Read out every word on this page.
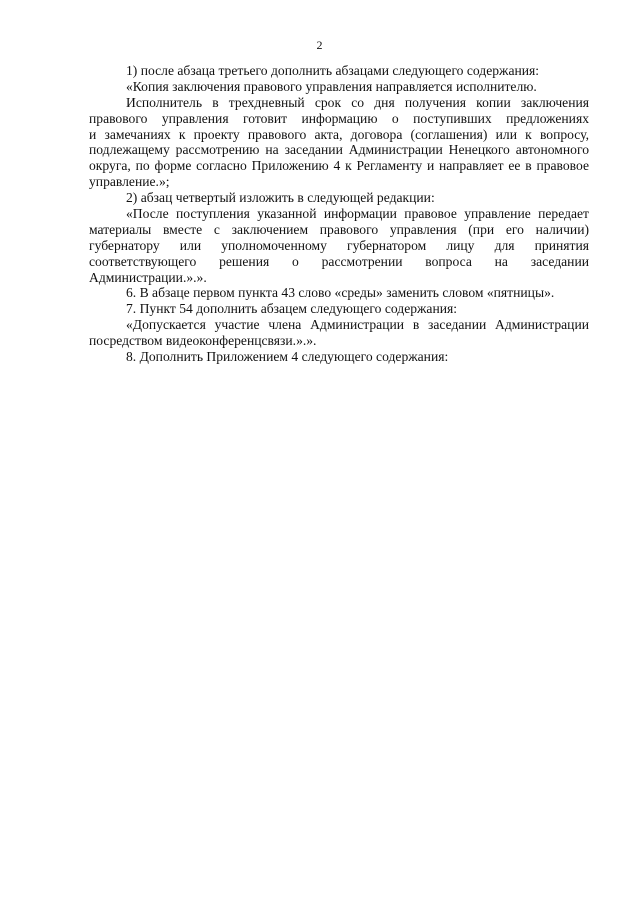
2
1) после абзаца третьего дополнить абзацами следующего содержания:
«Копия заключения правового управления направляется исполнителю.
Исполнитель в трехдневный срок со дня получения копии заключения
правового управления готовит информацию о поступивших предложениях
и замечаниях к проекту правового акта, договора (соглашения) или к вопросу,
подлежащему рассмотрению на заседании Администрации Ненецкого автономного
округа, по форме согласно Приложению 4 к Регламенту и направляет ее в правовое
управление.»;
2) абзац четвертый изложить в следующей редакции:
«После поступления указанной информации правовое управление передает
материалы вместе с заключением правового управления (при его наличии)
губернатору или уполномоченному губернатором лицу для принятия
соответствующего решения о рассмотрении вопроса на заседании
Администрации.».».
6. В абзаце первом пункта 43 слово «среды» заменить словом «пятницы».
7. Пункт 54 дополнить абзацем следующего содержания:
«Допускается участие члена Администрации в заседании Администрации
посредством видеоконференцсвязи.».».
8. Дополнить Приложением 4 следующего содержания:
